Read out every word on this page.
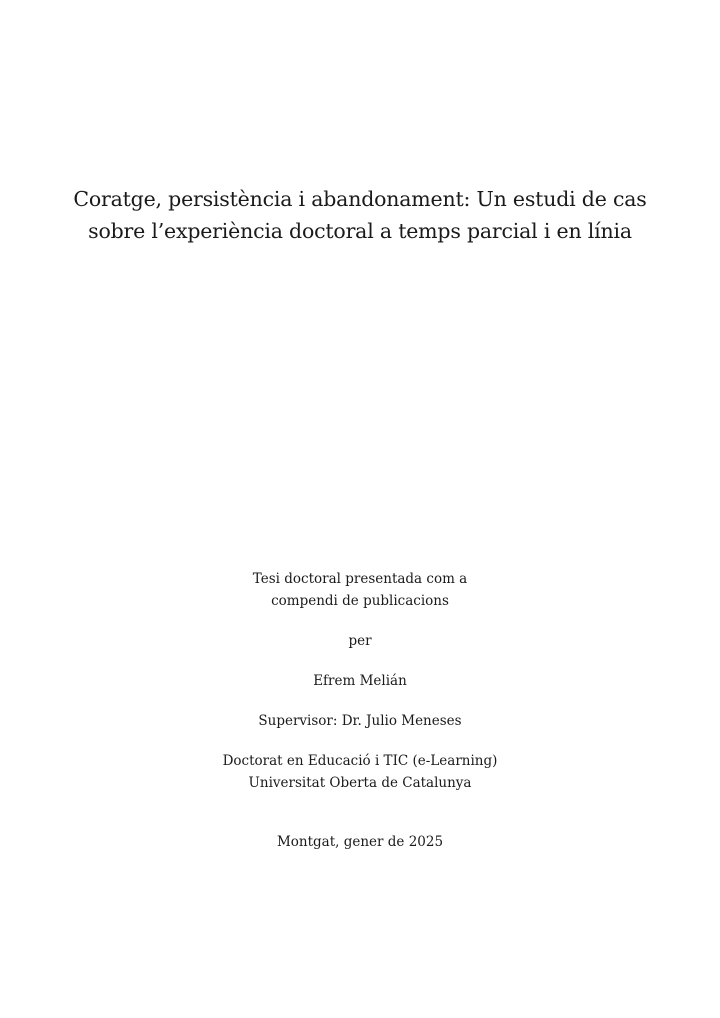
Coratge, persistència i abandonament: Un estudi de cas
sobre l’experiència doctoral a temps parcial i en línia
Tesi doctoral presentada com a
compendi de publicacions
per
Efrem Melián
Supervisor: Dr. Julio Meneses
Doctorat en Educació i TIC (e-Learning)
Universitat Oberta de Catalunya
Montgat, gener de 2025
